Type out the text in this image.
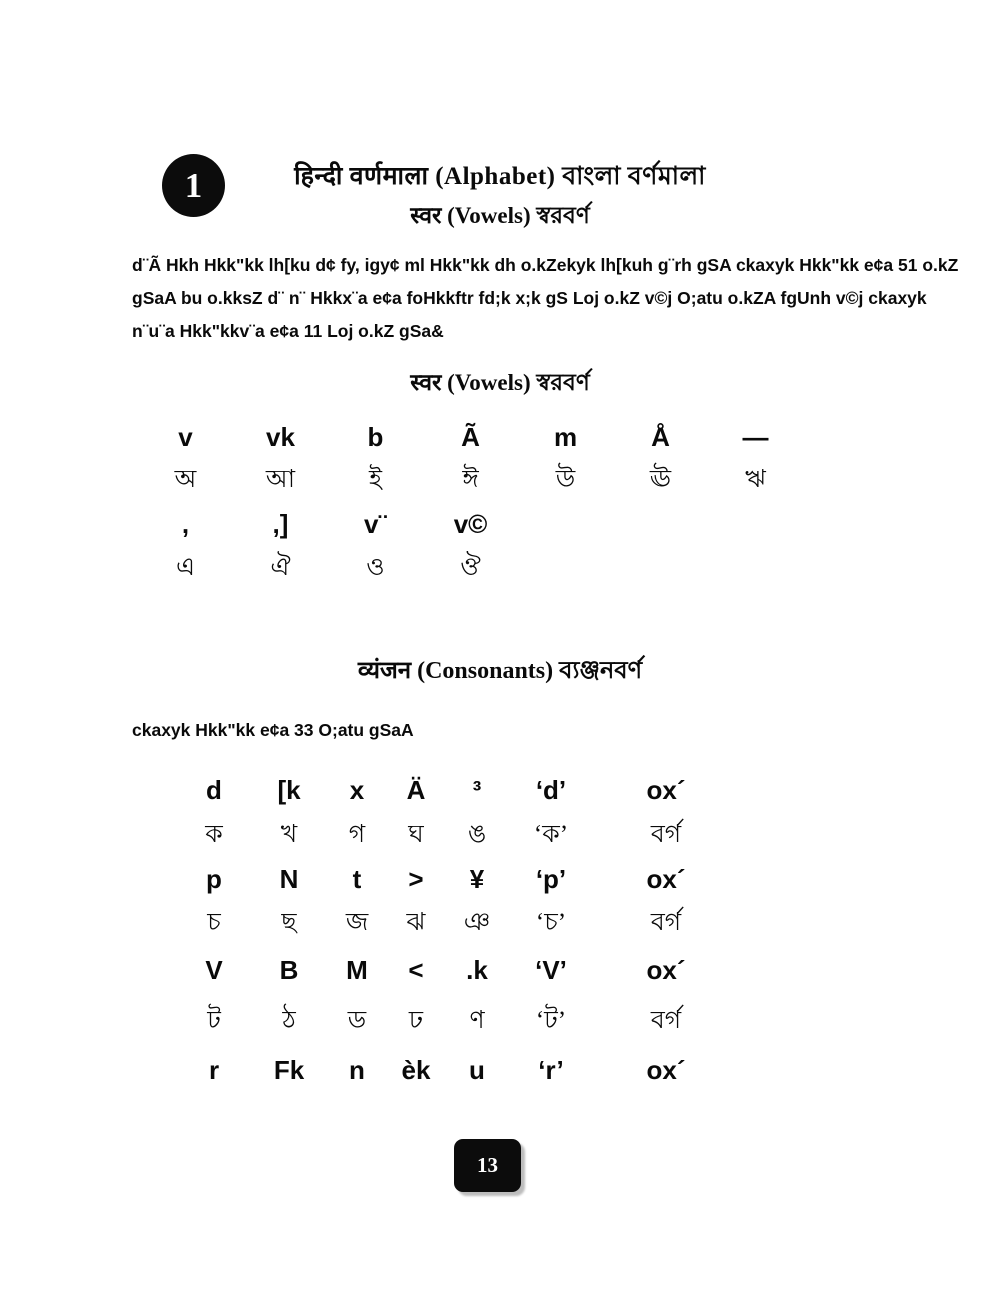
1	हिन्दी वर्णमाला (Alphabet) বাংলা বর্ণমালা
स्वर (Vowels) স্বরবর্ণ
d¨Ã Hkh Hkk"kk lh[ku d¢ fy, igy¢ ml Hkk"kk dh o.kZekyk lh[kuh g¨rh gSA ckaxyk Hkk"kk e¢a 51 o.kZ
gSaA bu o.kksZ d¨ n¨ Hkkx¨a e¢a foHkkftr fd;k x;k gS Loj o.kZ v©j O;atu o.kZA fgUnh v©j ckaxyk
n¨u¨a Hkk"kkv¨a e¢a 11 Loj o.kZ gSa&
स्वर (Vowels) স্বরবর্ণ
v	vk	b	Ã	m	Å	—
অ	আ	ই	ঈ	উ	ঊ	ঋ
,	,]	v¨	v©
এ	ঐ	ও	ঔ
व्यंजन (Consonants) ব্যঞ্জনবর্ণ
ckaxyk Hkk"kk e¢a 33 O;atu gSaA
d	[k	x	Ä	³	‘d’	ox´
ক	খ	গ	ঘ	ঙ	‘ক’	বর্গ
p	N	t	>	¥	‘p’	ox´
চ	ছ	জ	ঝ	ঞ	‘চ’	বর্গ
V	B	M	<	.k	‘V’	ox´
ট	ঠ	ড	ঢ	ণ	‘ট’	বর্গ
r	Fk	n	èk	u	‘r’	ox´
13
